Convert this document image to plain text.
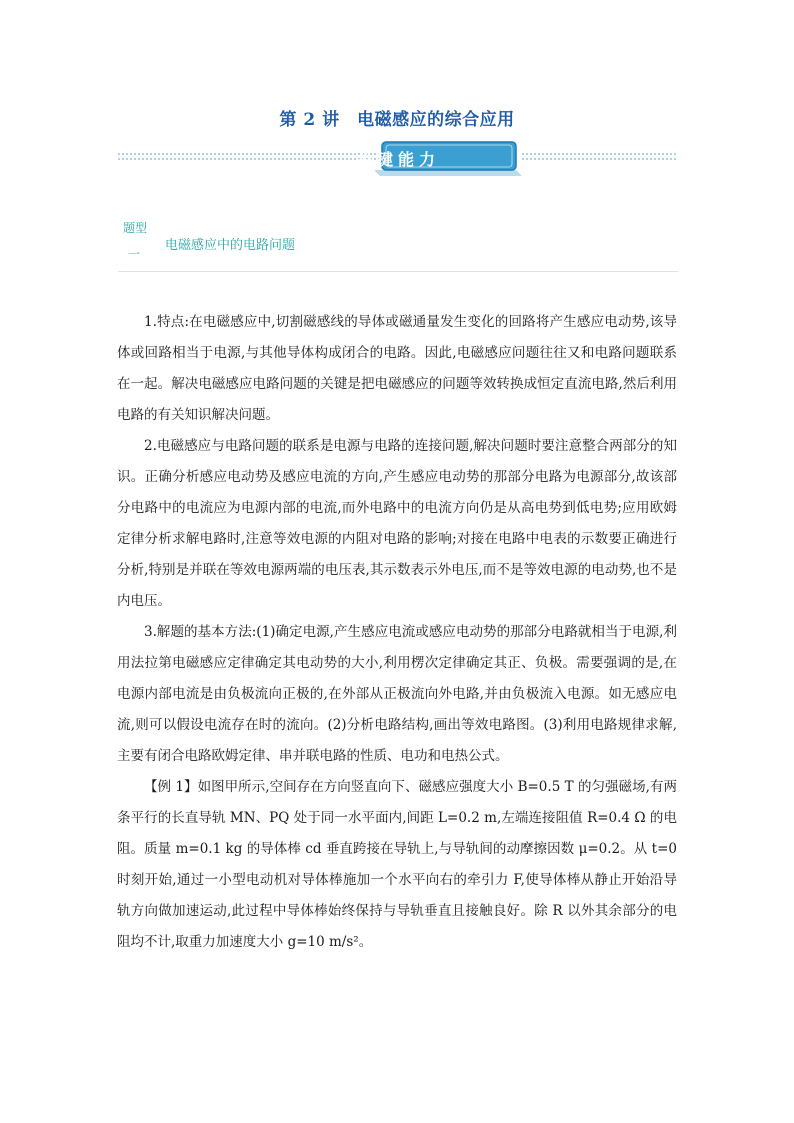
第 2 讲　电磁感应的综合应用
关键能力
题型
一
电磁感应中的电路问题

1.特点:在电磁感应中,切割磁感线的导体或磁通量发生变化的回路将产生感应电动势,该导体或回路相当于电源,与其他导体构成闭合的电路。因此,电磁感应问题往往又和电路问题联系在一起。解决电磁感应电路问题的关键是把电磁感应的问题等效转换成恒定直流电路,然后利用电路的有关知识解决问题。

2.电磁感应与电路问题的联系是电源与电路的连接问题,解决问题时要注意整合两部分的知识。正确分析感应电动势及感应电流的方向,产生感应电动势的那部分电路为电源部分,故该部分电路中的电流应为电源内部的电流,而外电路中的电流方向仍是从高电势到低电势;应用欧姆定律分析求解电路时,注意等效电源的内阻对电路的影响;对接在电路中电表的示数要正确进行分析,特别是并联在等效电源两端的电压表,其示数表示外电压,而不是等效电源的电动势,也不是内电压。

3.解题的基本方法:(1)确定电源,产生感应电流或感应电动势的那部分电路就相当于电源,利用法拉第电磁感应定律确定其电动势的大小,利用楞次定律确定其正、负极。需要强调的是,在电源内部电流是由负极流向正极的,在外部从正极流向外电路,并由负极流入电源。如无感应电流,则可以假设电流存在时的流向。(2)分析电路结构,画出等效电路图。(3)利用电路规律求解,主要有闭合电路欧姆定律、串并联电路的性质、电功和电热公式。

【例 1】如图甲所示,空间存在方向竖直向下、磁感应强度大小 B=0.5 T 的匀强磁场,有两条平行的长直导轨 MN、PQ 处于同一水平面内,间距 L=0.2 m,左端连接阻值 R=0.4 Ω 的电阻。质量 m=0.1 kg 的导体棒 cd 垂直跨接在导轨上,与导轨间的动摩擦因数 μ=0.2。从 t=0 时刻开始,通过一小型电动机对导体棒施加一个水平向右的牵引力 F,使导体棒从静止开始沿导轨方向做加速运动,此过程中导体棒始终保持与导轨垂直且接触良好。除 R 以外其余部分的电阻均不计,取重力加速度大小 g=10 m/s²。
